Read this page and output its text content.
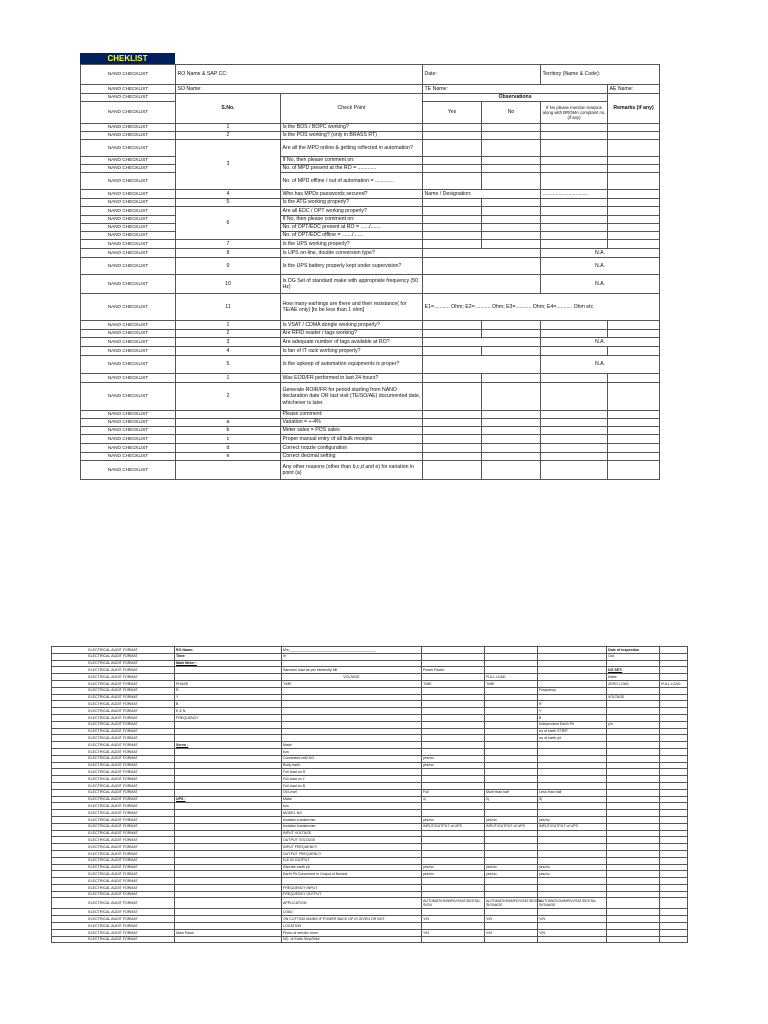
CHEKLIST
NANO CHECKLIST	RO Name & SAP CC:		Date:		Territory (Name & Code):	
NANO CHECKLIST	SO Name:		TE Name:			AE Name:
NANO CHECKLIST	S.No.	Check Point	Observations			Remarks (if any)
NANO CHECKLIST			Yes	No	If No please mention reasons along with BROMA complaint no. (if any)	
NANO CHECKLIST	1	Is the BOS / BOPC working?				
NANO CHECKLIST	2	Is the POS working? (only in BRASS RT)				
NANO CHECKLIST	3	Are all the MPD online & getting reflected in automation?				
NANO CHECKLIST		If No, then please comment on:				
NANO CHECKLIST		No. of MPD present at the RO = .............				
NANO CHECKLIST		No. of MPD offline / out of automation = .............				
NANO CHECKLIST	4	Who has MPDs passwords secured?	Name / Designation:		................................	
NANO CHECKLIST	5	Is the ATG working properly?				
NANO CHECKLIST	6	Are all EDC / OPT working properly?				
NANO CHECKLIST		If No, then please comment on:				
NANO CHECKLIST		No. of OPT/EDC present at RO = ....../.......				
NANO CHECKLIST		No. of OPT/EDC offline = ......./.......				
NANO CHECKLIST	7	Is the UPS working properly?				
NANO CHECKLIST	8	Is UPS on-line, double conversion type?			N.A.	
NANO CHECKLIST	9	Is the UPS battery properly kept under supervision?			N.A.	
NANO CHECKLIST	10	Is DG Set of standard make with appropriate frequency (50 Hz)			N.A.	
NANO CHECKLIST	11	How many earhings are there and their resistance( for TE/AE only) [to be less than 1 ohm]	E1=........... Ohm; E2=........... Ohm; E3=........... Ohm; E4=........... Ohm etc			
NANO CHECKLIST	1	Is VSAT / CDMA dongle working properly?				
NANO CHECKLIST	2	Are RFID reader / tags working?				
NANO CHECKLIST	3	Are adequate number of tags available at RO?			N.A.	
NANO CHECKLIST	4	Is fan of IT rack working properly?				
NANO CHECKLIST	5	Is the upkeep of automation equipments is proper?			N.A.	
NANO CHECKLIST	1	Was EOD/FR performed in last 24 hours?				
NANO CHECKLIST	2	Generate ROIR/FR for period starting from NANO declaration date OR last visit (TE/SO/AE) documented date, whichever is later.				
NANO CHECKLIST		Please comment:				
NANO CHECKLIST	a	Variation = +-4%				
NANO CHECKLIST	b	Meter sales = POS sales				
NANO CHECKLIST	c	Proper manual entry of all bulk receipts				
NANO CHECKLIST	d	Correct nozzle configuration				
NANO CHECKLIST	e	Correct decimal setting				
NANO CHECKLIST		Any other reasons (other than b,c,d and e) for variation in point (a)				
ELECTRICAL AUDIT FORMAT	RO Name:	M/s.___________________________________________				Date of inspection	
ELECTRICAL AUDIT FORMAT	Time:	In				Out	
ELECTRICAL AUDIT FORMAT	Main Meter :						
ELECTRICAL AUDIT FORMAT		Sanction load as per electricity bill	Power Factor			DG SET:	
ELECTRICAL AUDIT FORMAT		VOLTAGE		FULL LOAD		Make	
ELECTRICAL AUDIT FORMAT	PHASE	TIME	TIME	TIME		ZERO LOAD	FULL LOAD
ELECTRICAL AUDIT FORMAT	R				Frequency		
ELECTRICAL AUDIT FORMAT	Y					VOLTAGE	
ELECTRICAL AUDIT FORMAT	B				R		
ELECTRICAL AUDIT FORMAT	E & N				Y		
ELECTRICAL AUDIT FORMAT	FREQUENCY				B		
ELECTRICAL AUDIT FORMAT					Independent Earth Pit	y/n	
ELECTRICAL AUDIT FORMAT					no of earth STRIP		
ELECTRICAL AUDIT FORMAT					no of earth pit		
ELECTRICAL AUDIT FORMAT	Servo :	Make					
ELECTRICAL AUDIT FORMAT		kva					
ELECTRICAL AUDIT FORMAT		Connected with DG	yes/no				
ELECTRICAL AUDIT FORMAT		Body earth	yes/no				
ELECTRICAL AUDIT FORMAT		Full load on R					
ELECTRICAL AUDIT FORMAT		Full load on Y					
ELECTRICAL AUDIT FORMAT		Full load on B					
ELECTRICAL AUDIT FORMAT		Oil Level	Full	More than half	Less than half		
ELECTRICAL AUDIT FORMAT	UPS :	Make	1)	2)	3)		
ELECTRICAL AUDIT FORMAT		kva					
ELECTRICAL AUDIT FORMAT		MODEL NO					
ELECTRICAL AUDIT FORMAT		Isolation transformer	yes/no	yes/no	yes/no		
ELECTRICAL AUDIT FORMAT		Isolation transformer	INPUT/OUTPUT of UPS	INPUT/OUTPUT of UPS	INPUT/OUTPUT of UPS		
ELECTRICAL AUDIT FORMAT		INPUT VOLTAGE					
ELECTRICAL AUDIT FORMAT		OUTPUT VOLTAGE					
ELECTRICAL AUDIT FORMAT		INPUT FREQUENCY					
ELECTRICAL AUDIT FORMAT		OUTPUT FREQUENCY					
ELECTRICAL AUDIT FORMAT		N-E IN OUTPUT					
ELECTRICAL AUDIT FORMAT		Seprate earth pit	yes/no	yes/no	yes/no		
ELECTRICAL AUDIT FORMAT		Earth Pit Connected in Output of Neutral	yes/no	yes/no	yes/no		
ELECTRICAL AUDIT FORMAT							
ELECTRICAL AUDIT FORMAT		FREQUENCY INPUT					
ELECTRICAL AUDIT FORMAT		FREQUENCY OUTPUT					
ELECTRICAL AUDIT FORMAT		APPLICATION	AUTOMATION/MPD/VSAT/DIGITAL SIGN	AUTOMATION/MPD/VSAT/DIGITAL SIGNAGE	AUTOMATION/MPD/VSAT/DIGITAL SIGNAGE		
ELECTRICAL AUDIT FORMAT		LOAD					
ELECTRICAL AUDIT FORMAT		ON CUTTING MAINS IF POWER BACK UP IS GIVEN OR NOT	Y/N	Y/N	Y/N		
ELECTRICAL AUDIT FORMAT		LOCATION					
ELECTRICAL AUDIT FORMAT	Main Panel	Photo of electric room	Y/N	Y/N	Y/N		
ELECTRICAL AUDIT FORMAT		NO. of Earth Strip/Wire					
